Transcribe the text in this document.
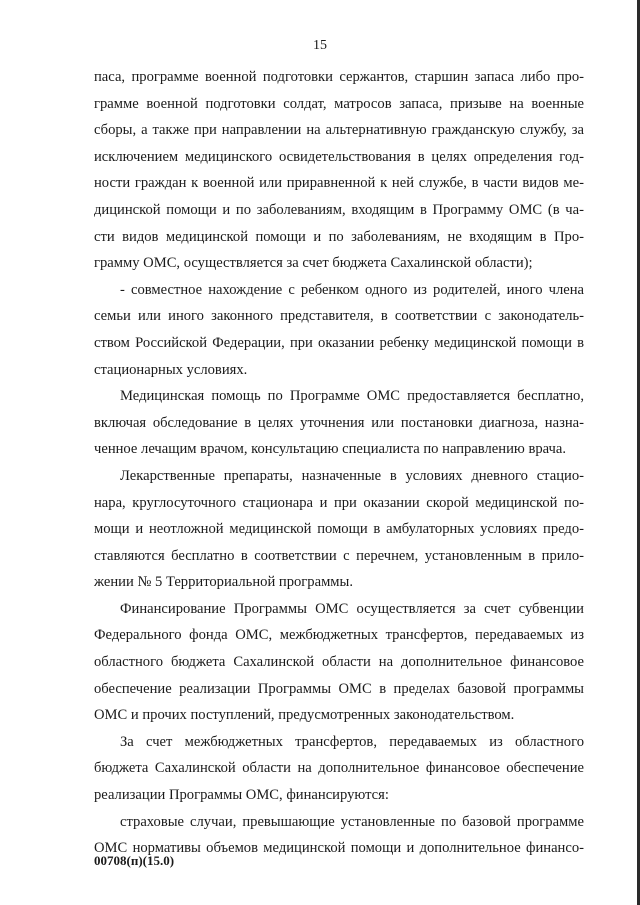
15
паса, программе военной подготовки сержантов, старшин запаса либо про-
грамме военной подготовки солдат, матросов запаса, призыве на военные
сборы, а также при направлении на альтернативную гражданскую службу, за
исключением медицинского освидетельствования в целях определения год-
ности граждан к военной или приравненной к ней службе, в части видов ме-
дицинской помощи и по заболеваниям, входящим в Программу ОМС (в ча-
сти видов медицинской помощи и по заболеваниям, не входящим в Про-
грамму ОМС, осуществляется за счет бюджета Сахалинской области);
- совместное нахождение с ребенком одного из родителей, иного члена
семьи или иного законного представителя, в соответствии с законодатель-
ством Российской Федерации, при оказании ребенку медицинской помощи в
стационарных условиях.
Медицинская помощь по Программе ОМС предоставляется бесплатно,
включая обследование в целях уточнения или постановки диагноза, назна-
ченное лечащим врачом, консультацию специалиста по направлению врача.
Лекарственные препараты, назначенные в условиях дневного стацио-
нара, круглосуточного стационара и при оказании скорой медицинской по-
мощи и неотложной медицинской помощи в амбулаторных условиях предо-
ставляются бесплатно в соответствии с перечнем, установленным в прило-
жении № 5 Территориальной программы.
Финансирование Программы ОМС осуществляется за счет субвенции
Федерального фонда ОМС, межбюджетных трансфертов, передаваемых из
областного бюджета Сахалинской области на дополнительное финансовое
обеспечение реализации Программы ОМС в пределах базовой программы
ОМС и прочих поступлений, предусмотренных законодательством.
За счет межбюджетных трансфертов, передаваемых из областного
бюджета Сахалинской области на дополнительное финансовое обеспечение
реализации Программы ОМС, финансируются:
страховые случаи, превышающие установленные по базовой программе
ОМС нормативы объемов медицинской помощи и дополнительное финансо-
00708(п)(15.0)
